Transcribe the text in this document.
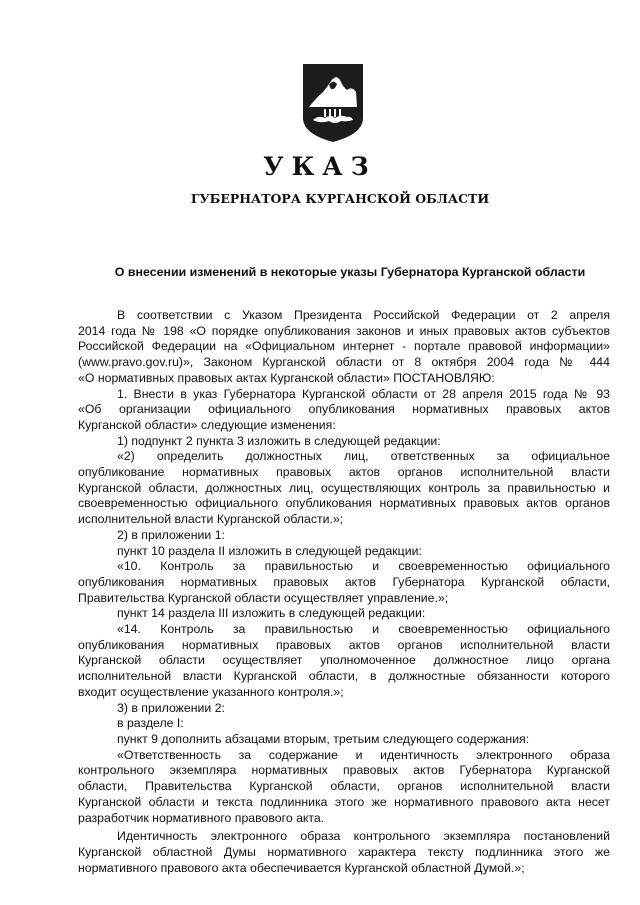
УКАЗ
ГУБЕРНАТОРА КУРГАНСКОЙ ОБЛАСТИ
О внесении изменений в некоторые указы Губернатора Курганской области

В соответствии с Указом Президента Российской Федерации от 2 апреля

2014 года № 198 «О порядке опубликования законов и иных правовых актов субъектов

Российской Федерации на «Официальном интернет - портале правовой информации»

(www.pravo.gov.ru)», Законом Курганской области от 8 октября 2004 года № 444

«О нормативных правовых актах Курганской области» ПОСТАНОВЛЯЮ:

1. Внести в указ Губернатора Курганской области от 28 апреля 2015 года № 93

«Об организации официального опубликования нормативных правовых актов

Курганской области» следующие изменения:

1) подпункт 2 пункта 3 изложить в следующей редакции:

«2) определить должностных лиц, ответственных за официальное

опубликование нормативных правовых актов органов исполнительной власти

Курганской области, должностных лиц, осуществляющих контроль за правильностью и

своевременностью официального опубликования нормативных правовых актов органов

исполнительной власти Курганской области.»;

2) в приложении 1:

пункт 10 раздела II изложить в следующей редакции:

«10. Контроль за правильностью и своевременностью официального

опубликования нормативных правовых актов Губернатора Курганской области,

Правительства Курганской области осуществляет управление.»;

пункт 14 раздела III изложить в следующей редакции:

«14. Контроль за правильностью и своевременностью официального

опубликования нормативных правовых актов органов исполнительной власти

Курганской области осуществляет уполномоченное должностное лицо органа

исполнительной власти Курганской области, в должностные обязанности которого

входит осуществление указанного контроля.»;

3) в приложении 2:

в разделе I:

пункт 9 дополнить абзацами вторым, третьим следующего содержания:

«Ответственность за содержание и идентичность электронного образа

контрольного экземпляра нормативных правовых актов Губернатора Курганской

области, Правительства Курганской области, органов исполнительной власти

Курганской области и текста подлинника этого же нормативного правового акта несет

разработчик нормативного правового акта.

Идентичность электронного образа контрольного экземпляра постановлений

Курганской областной Думы нормативного характера тексту подлинника этого же

нормативного правового акта обеспечивается Курганской областной Думой.»;
